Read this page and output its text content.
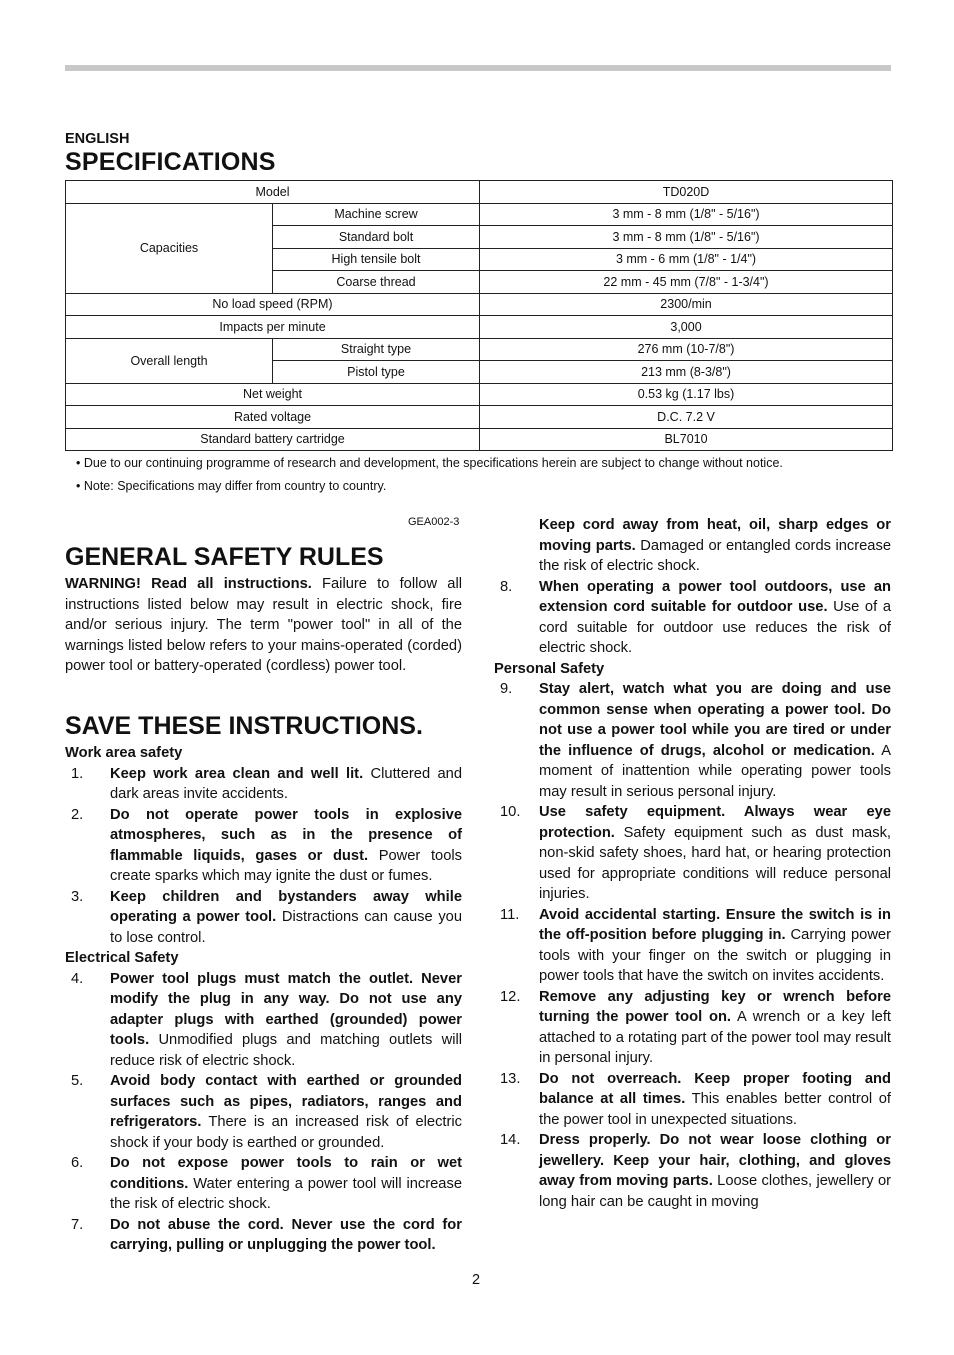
ENGLISH
SPECIFICATIONS
Model		TD020D
Capacities	Machine screw	3 mm - 8 mm (1/8" - 5/16")
	Standard bolt	3 mm - 8 mm (1/8" - 5/16")
	High tensile bolt	3 mm - 6 mm (1/8" - 1/4")
	Coarse thread	22 mm - 45 mm (7/8" - 1-3/4")
No load speed (RPM)		2300/min
Impacts per minute		3,000
Overall length	Straight type	276 mm (10-7/8")
	Pistol type	213 mm (8-3/8")
Net weight		0.53 kg (1.17 lbs)
Rated voltage		D.C. 7.2 V
Standard battery cartridge		BL7010
• Due to our continuing programme of research and development, the specifications herein are subject to change without notice.
• Note: Specifications may differ from country to country.
GEA002-3
GENERAL SAFETY RULES

WARNING! Read all instructions. Failure to follow all instructions listed below may result in electric shock, fire and/or serious injury. The term "power tool" in all of the warnings listed below refers to your mains-operated (corded) power tool or battery-operated (cordless) power tool.

SAVE THESE INSTRUCTIONS.

Work area safety

1. Keep work area clean and well lit. Cluttered and dark areas invite accidents.
2. Do not operate power tools in explosive atmospheres, such as in the presence of flammable liquids, gases or dust. Power tools create sparks which may ignite the dust or fumes.
3. Keep children and bystanders away while operating a power tool. Distractions can cause you to lose control.

Electrical Safety

4. Power tool plugs must match the outlet. Never modify the plug in any way. Do not use any adapter plugs with earthed (grounded) power tools. Unmodified plugs and matching outlets will reduce risk of electric shock.
5. Avoid body contact with earthed or grounded surfaces such as pipes, radiators, ranges and refrigerators. There is an increased risk of electric shock if your body is earthed or grounded.
6. Do not expose power tools to rain or wet conditions. Water entering a power tool will increase the risk of electric shock.
7. Do not abuse the cord. Never use the cord for carrying, pulling or unplugging the power tool.
Keep cord away from heat, oil, sharp edges or moving parts. Damaged or entangled cords increase the risk of electric shock.
8. When operating a power tool outdoors, use an extension cord suitable for outdoor use. Use of a cord suitable for outdoor use reduces the risk of electric shock.

Personal Safety

9. Stay alert, watch what you are doing and use common sense when operating a power tool. Do not use a power tool while you are tired or under the influence of drugs, alcohol or medication. A moment of inattention while operating power tools may result in serious personal injury.
10. Use safety equipment. Always wear eye protection. Safety equipment such as dust mask, non-skid safety shoes, hard hat, or hearing protection used for appropriate conditions will reduce personal injuries.
11. Avoid accidental starting. Ensure the switch is in the off-position before plugging in. Carrying power tools with your finger on the switch or plugging in power tools that have the switch on invites accidents.
12. Remove any adjusting key or wrench before turning the power tool on. A wrench or a key left attached to a rotating part of the power tool may result in personal injury.
13. Do not overreach. Keep proper footing and balance at all times. This enables better control of the power tool in unexpected situations.
14. Dress properly. Do not wear loose clothing or jewellery. Keep your hair, clothing, and gloves away from moving parts. Loose clothes, jewellery or long hair can be caught in moving
2
